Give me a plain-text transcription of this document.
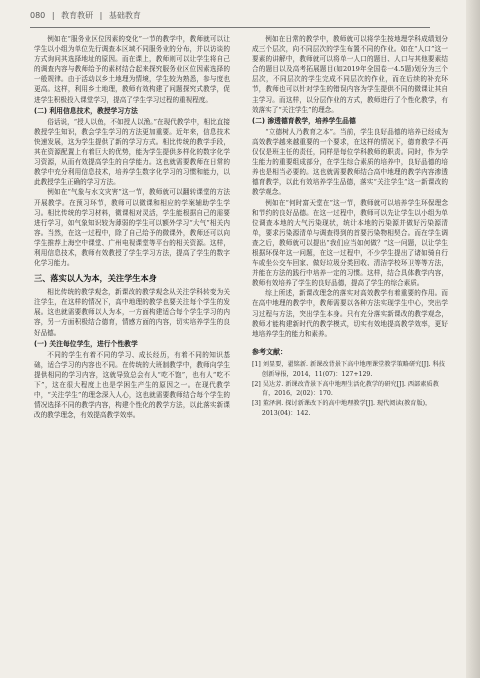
080 | 教育教研 | 基础教育

例如在“服务业区位因素的变化”一节的教学中，教师就可以让学生以小组为单位先行调查本区域不同服务业的分布，并以访谈的方式询问其选择地址的原因。而在课上，教师则可以让学生将自己的调查内容与教师给予的素材结合起来探究服务业区位因素选择的一般规律。由于活动以乡土地理为情境，学生较为熟悉，参与度也更高。这样，利用乡土地理，教师有效构建了问题探究式教学，促进学生积极投入课堂学习，提高了学生学习过程的重视程度。

(二) 利用信息技术，教授学习方法

俗话说，“授人以鱼，不如授人以渔。”在现代教学中，相比直接教授学生知识，教会学生学习的方法更加重要。近年来，信息技术快速发展，这为学生提供了新的学习方式。相比传统的教学手段，其在资源配置上有着巨大的优势，能为学生提供多样化的数字化学习资源，从而有效提高学生的自学能力。这也就需要教师在日常的教学中充分利用信息技术，培养学生数字化学习的习惯和能力，以此教授学生正确的学习方法。

例如在“气象与水文灾害”这一节，教师就可以翻转课堂的方法开展教学。在预习环节，教师可以微课和相应的学案辅助学生学习。相比传统的学习材料，微课相对灵活，学生能根据自己的需要进行学习，如气象知识较为薄弱的学生可以额外学习“大气”相关内容。当然，在这一过程中，除了自己给予的微课外，教师还可以向学生推荐上海空中课堂、广州电视课堂等平台的相关资源。这样，利用信息技术，教师有效教授了学生学习方法，提高了学生的数字化学习能力。

三、落实以人为本，关注学生本身

相比传统的教学观念，新课改的教学观念从关注学科转变为关注学生，在这样的情况下，高中地理的教学也要关注每个学生的发展。这也就需要教师以人为本，一方面构建适合每个学生学习的内容，另一方面积极结合德育，情感方面的内容，切实培养学生的良好品德。

(一) 关注每位学生，进行个性教学

不同的学生有着不同的学习、成长经历，有着不同的知识基础，适合学习的内容也不同。在传统的大班制教学中，教师向学生提供相同的学习内容，这就导致总会有人“吃不饱”，也有人“吃不下”，这在很大程度上也是学困生产生的原因之一。在现代教学中，“关注学生”的理念深入人心，这也就需要教师结合每个学生的情况选择不同的教学内容，构建个性化的教学方法，以此落实新课改的教学理念，有效提高教学效率。

例如在日常的教学中，教师就可以将学生按地理学科成绩划分成三个层次，向不同层次的学生布置不同的作业。如在“人口”这一要素的讲解中，教师就可以将单一人口的题目、人口与其他要素结合的题目以及高考拓展题目(如2019年全国卷一4.5题)划分为三个层次，不同层次的学生完成不同层次的作业，而在后续的补充环节，教师也可以针对学生的错误内容为学生提供不同的微课让其自主学习。而这样，以分层作业的方式，教师进行了个性化教学，有效落实了“关注学生”的理念。

(二) 渗透德育教学，培养学生品德

“立德树人乃教育之本”。当前，学生良好品德的培养已经成为高效教学越来越重要的一个要求，在这样的情况下，德育教学不再仅仅是班主任的责任，同样是每位学科教师的职责。同时，作为学生能力的重要组成部分，在学生综合素质的培养中，良好品德的培养也是相当必要的。这也就需要教师结合高中地理的教学内容渗透德育教学，以此有效培养学生品德，落实“关注学生”这一新课改的教学观念。

例如在“何时富天堂在”这一节，教师就可以培养学生环保理念和节约的良好品德。在这一过程中，教师可以先让学生以小组为单位调查本地的大气污染现状，统计本地的污染源并做好污染源清单，要求污染源清单与调查得到的首要污染物相契合。而在学生调查之后，教师就可以提出“我们应当如何做？”这一问题，以让学生根据环保年这一问题，在这一过程中，不少学生提出了诸如骑自行车或坐公交车回家、做好垃圾分类回收、清洁学校环卫等等方法，并能在方法的践行中培养一定的习惯。这样，结合具体教学内容，教师有效培养了学生的良好品德，提高了学生的综合素质。

综上所述，新课改理念的落实对高效教学有着重要的作用。而在高中地理的教学中，教师需要以各种方法实现学生中心，突出学习过程与方法，突出学生本身。只有充分落实新课改的教学观念，教师才能构建新时代的教学模式，切实有效地提高教学效率，更好地培养学生的能力和素养。

参考文献：

[1] 刘显要，翟铭新. 新课改背景下高中地理课堂教学策略研究[J]. 科技创新导报，2014，11(07)：127+129.

[2] 吴达芳. 新课改背景下高中地理生活化教学的研究[J]. 西部素质教育，2016，2(02)：170.

[3] 董泽润. 探讨新课改下的高中地理教学[J]. 现代阅读(教育版)，2013(04)：142.
